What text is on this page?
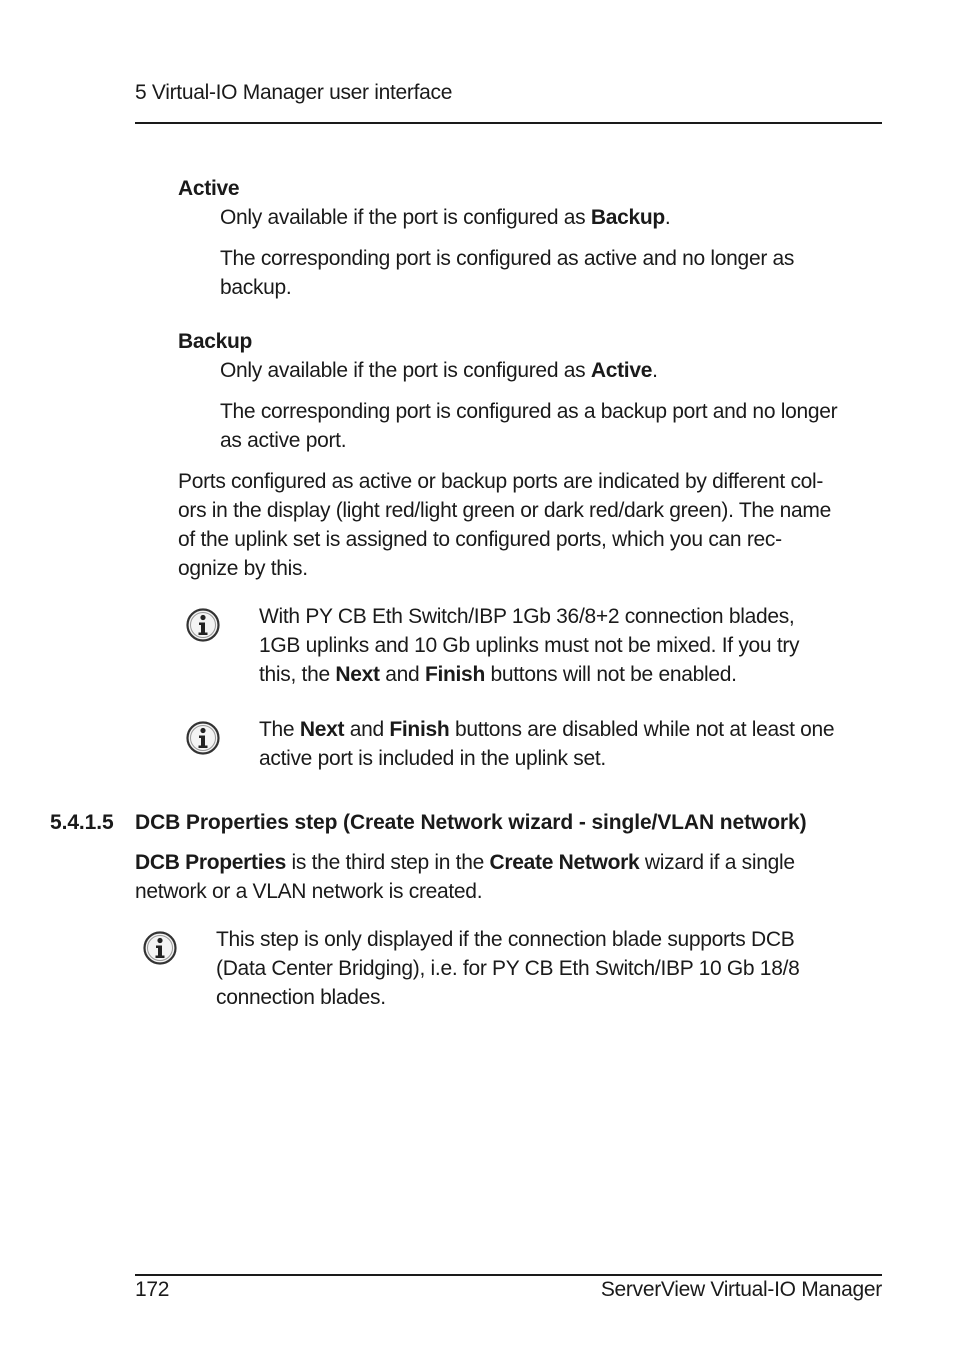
5 Virtual-IO Manager user interface
Active
Only available if the port is configured as Backup.
The corresponding port is configured as active and no longer as
backup.
Backup
Only available if the port is configured as Active.
The corresponding port is configured as a backup port and no longer
as active port.
Ports configured as active or backup ports are indicated by different col-
ors in the display (light red/light green or dark red/dark green). The name
of the uplink set is assigned to configured ports, which you can rec-
ognize by this.
With PY CB Eth Switch/IBP 1Gb 36/8+2 connection blades,
1GB uplinks and 10 Gb uplinks must not be mixed. If you try
this, the Next and Finish buttons will not be enabled.
The Next and Finish buttons are disabled while not at least one
active port is included in the uplink set.
5.4.1.5 DCB Properties step (Create Network wizard - single/VLAN network)
DCB Properties is the third step in the Create Network wizard if a single
network or a VLAN network is created.
This step is only displayed if the connection blade supports DCB
(Data Center Bridging), i.e. for PY CB Eth Switch/IBP 10 Gb 18/8
connection blades.
172	ServerView Virtual-IO Manager
